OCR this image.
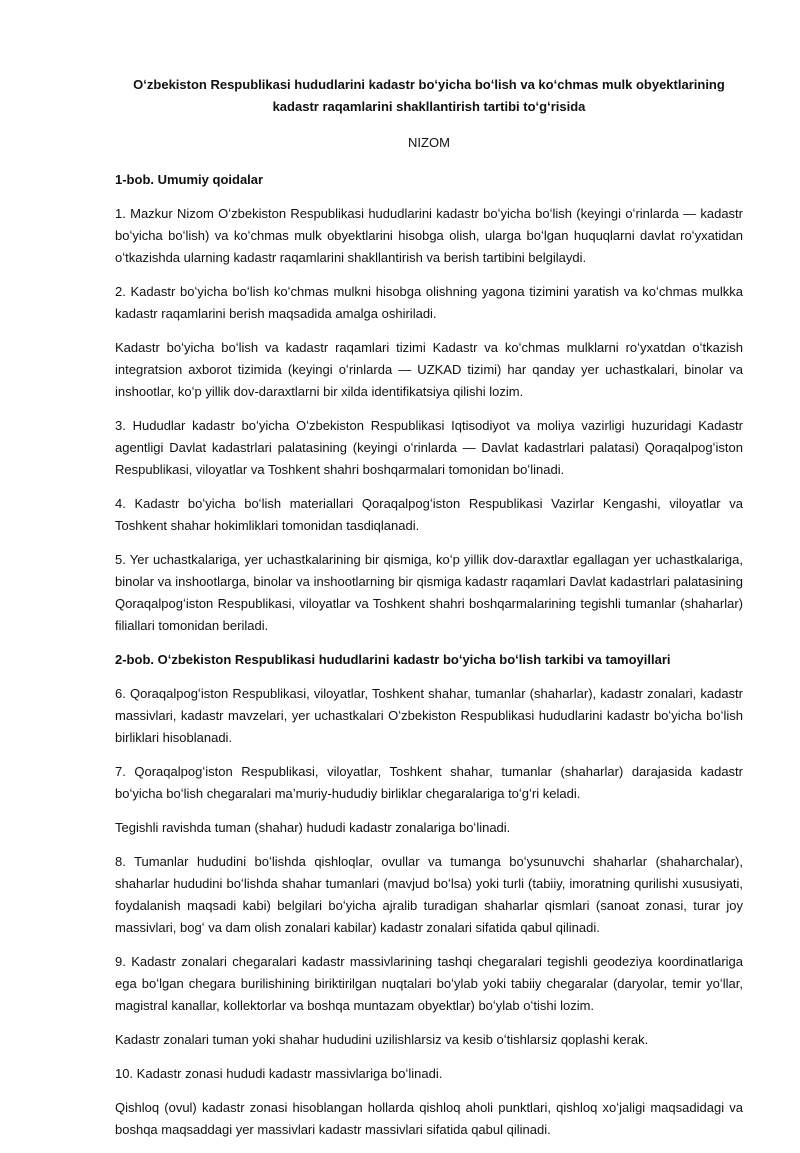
Oʻzbekiston Respublikasi hududlarini kadastr boʻyicha boʻlish va koʻchmas mulk obyektlarining kadastr raqamlarini shakllantirish tartibi toʻgʻrisida
NIZOM
1-bob. Umumiy qoidalar

1. Mazkur Nizom Oʻzbekiston Respublikasi hududlarini kadastr boʻyicha boʻlish (keyingi oʻrinlarda — kadastr boʻyicha boʻlish) va koʻchmas mulk obyektlarini hisobga olish, ularga boʻlgan huquqlarni davlat roʻyxatidan oʻtkazishda ularning kadastr raqamlarini shakllantirish va berish tartibini belgilaydi.

2. Kadastr boʻyicha boʻlish koʻchmas mulkni hisobga olishning yagona tizimini yaratish va koʻchmas mulkka kadastr raqamlarini berish maqsadida amalga oshiriladi.

Kadastr boʻyicha boʻlish va kadastr raqamlari tizimi Kadastr va koʻchmas mulklarni roʻyxatdan oʻtkazish integratsion axborot tizimida (keyingi oʻrinlarda — UZKAD tizimi) har qanday yer uchastkalari, binolar va inshootlar, koʻp yillik dov-daraxtlarni bir xilda identifikatsiya qilishi lozim.

3. Hududlar kadastr boʻyicha Oʻzbekiston Respublikasi Iqtisodiyot va moliya vazirligi huzuridagi Kadastr agentligi Davlat kadastrlari palatasining (keyingi oʻrinlarda — Davlat kadastrlari palatasi) Qoraqalpogʻiston Respublikasi, viloyatlar va Toshkent shahri boshqarmalari tomonidan boʻlinadi.

4. Kadastr boʻyicha boʻlish materiallari Qoraqalpogʻiston Respublikasi Vazirlar Kengashi, viloyatlar va Toshkent shahar hokimliklari tomonidan tasdiqlanadi.

5. Yer uchastkalariga, yer uchastkalarining bir qismiga, koʻp yillik dov-daraxtlar egallagan yer uchastkalariga, binolar va inshootlarga, binolar va inshootlarning bir qismiga kadastr raqamlari Davlat kadastrlari palatasining Qoraqalpogʻiston Respublikasi, viloyatlar va Toshkent shahri boshqarmalarining tegishli tumanlar (shaharlar) filiallari tomonidan beriladi.

2-bob. Oʻzbekiston Respublikasi hududlarini kadastr boʻyicha boʻlish tarkibi va tamoyillari

6. Qoraqalpogʻiston Respublikasi, viloyatlar, Toshkent shahar, tumanlar (shaharlar), kadastr zonalari, kadastr massivlari, kadastr mavzelari, yer uchastkalari Oʻzbekiston Respublikasi hududlarini kadastr boʻyicha boʻlish birliklari hisoblanadi.

7. Qoraqalpogʻiston Respublikasi, viloyatlar, Toshkent shahar, tumanlar (shaharlar) darajasida kadastr boʻyicha boʻlish chegaralari maʼmuriy-hududiy birliklar chegaralariga toʻgʻri keladi.

Tegishli ravishda tuman (shahar) hududi kadastr zonalariga boʻlinadi.

8. Tumanlar hududini boʻlishda qishloqlar, ovullar va tumanga boʻysunuvchi shaharlar (shaharchalar), shaharlar hududini boʻlishda shahar tumanlari (mavjud boʻlsa) yoki turli (tabiiy, imoratning qurilishi xususiyati, foydalanish maqsadi kabi) belgilari boʻyicha ajralib turadigan shaharlar qismlari (sanoat zonasi, turar joy massivlari, bogʻ va dam olish zonalari kabilar) kadastr zonalari sifatida qabul qilinadi.

9. Kadastr zonalari chegaralari kadastr massivlarining tashqi chegaralari tegishli geodeziya koordinatlariga ega boʻlgan chegara burilishining biriktirilgan nuqtalari boʻylab yoki tabiiy chegaralar (daryolar, temir yoʻllar, magistral kanallar, kollektorlar va boshqa muntazam obyektlar) boʻylab oʻtishi lozim.

Kadastr zonalari tuman yoki shahar hududini uzilishlarsiz va kesib oʻtishlarsiz qoplashi kerak.

10. Kadastr zonasi hududi kadastr massivlariga boʻlinadi.

Qishloq (ovul) kadastr zonasi hisoblangan hollarda qishloq aholi punktlari, qishloq xoʻjaligi maqsadidagi va boshqa maqsaddagi yer massivlari kadastr massivlari sifatida qabul qilinadi.
